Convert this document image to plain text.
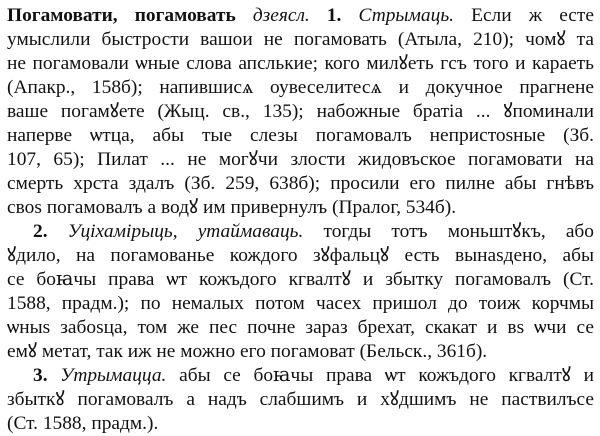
Погамовати, погамовать дзеясл. 1. Стрымаць. Если ж есте
умыслили быстрости вашои не погамовать (Атыла, 210); чомꙋ та
не погамовали ѡные слова апслькие; кого милꙋеть гсъ того и караеть
(Апакр., 158б); напившисѧ оувеселитесѧ и докучное прагнене
ваше погамꙋете (Жыц. св., 135); набожные братіа ... ꙋпоминали
наперве ѡтца, абы тые слезы погамовалъ непристоѕные (Зб.
107, 65); Пилат ... не могꙋчи злости жидовъское погамовати на
смерть хрста здалъ (Зб. 259, 638б); просили его пилне абы гнѣвъ
своѕ погамовалъ а водꙋ им привернулъ (Пралог, 534б).

2. Уціхамірыць, утаймаваць. тогды тотъ моньштꙋкъ, або
ꙋдило, на погамованье кождого зꙋфальцꙋ есть вынаѕдено, абы
се боꙗчы права ѡт кожъдого кгвалтꙋ и збытку погамовалъ (Ст.
1588, прадм.); по немалых потом часех пришол до тоиж корчмы
ѡныѕ забоѕца, том же пес почне зараз брехат, скакат и вѕ ѡчи се
емꙋ метат, так иж не можно его погамоват (Бельск., 361б).

3. Утрымацца. абы се боꙗчы права ѡт кожъдого кгвалтꙋ и
збыткꙋ погамовалъ а надъ слабшимъ и хꙋдшимъ не паствилъсе
(Ст. 1588, прадм.).
